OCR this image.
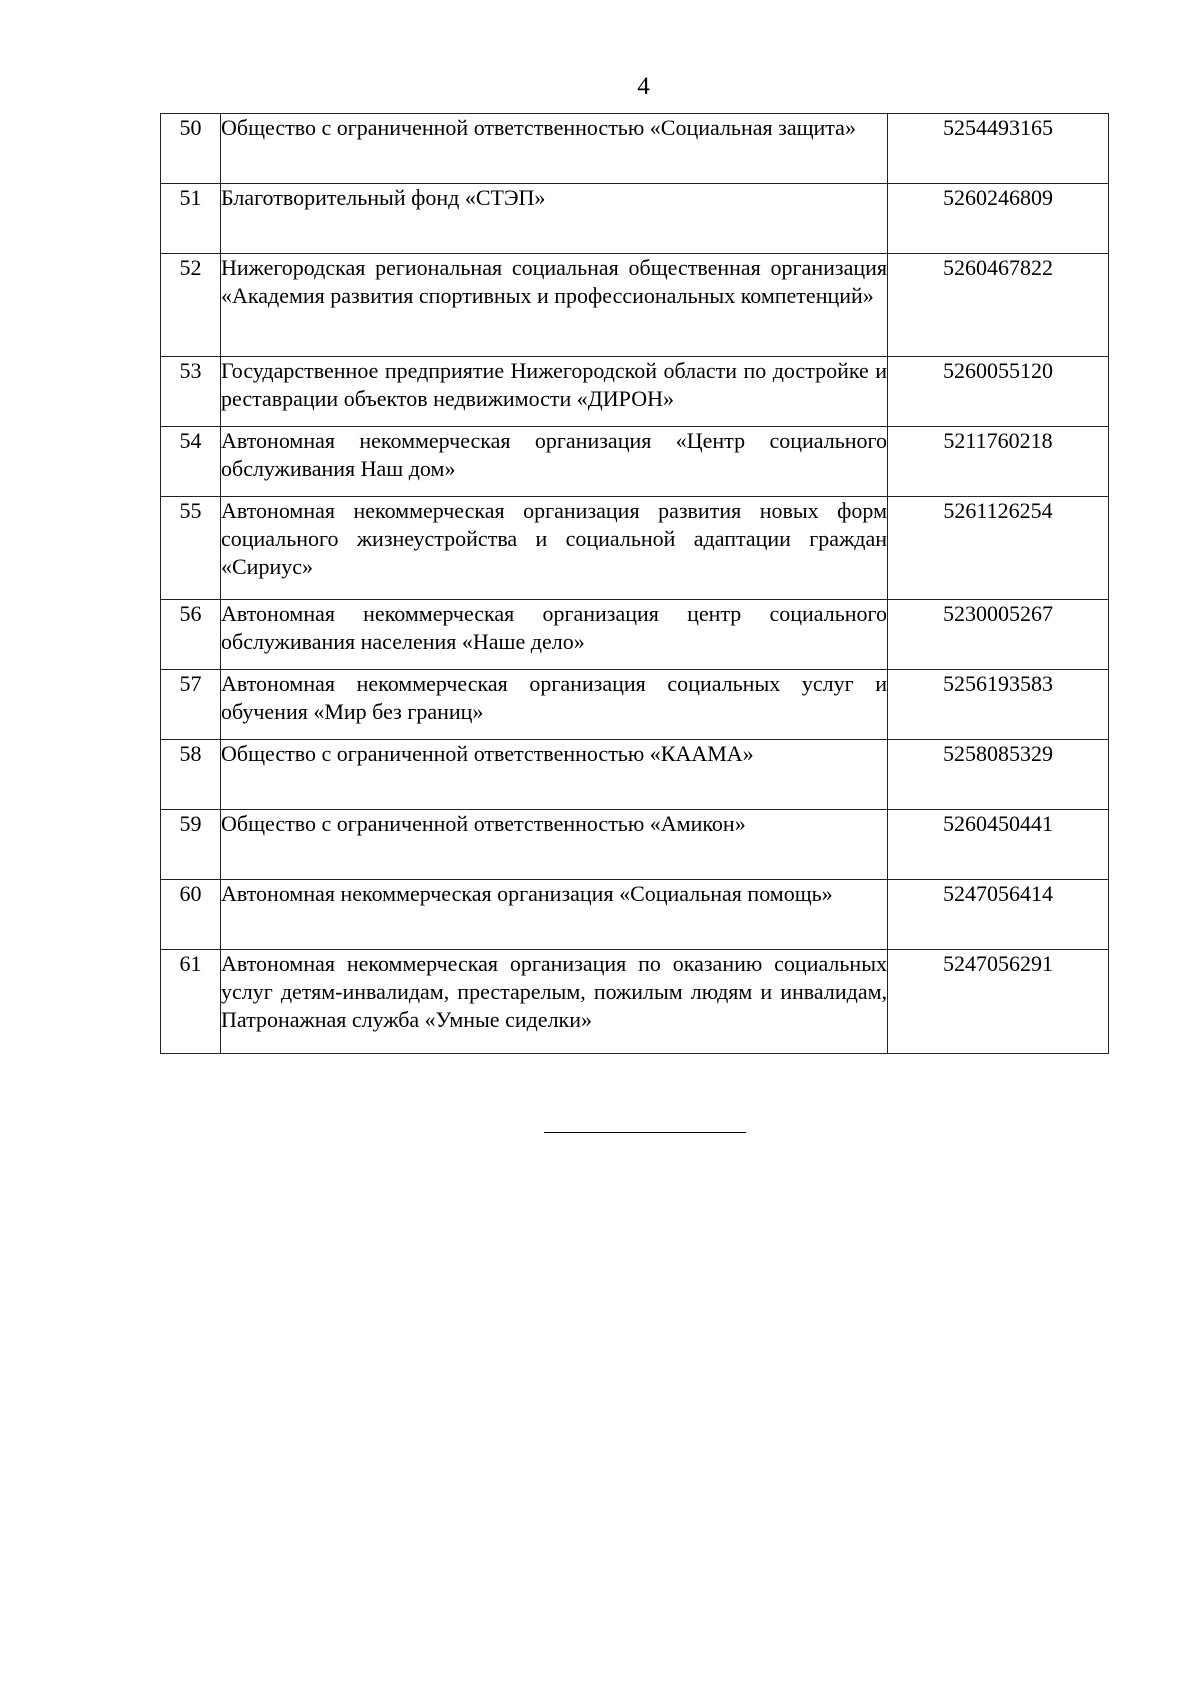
4
50	Общество с ограниченной ответственностью «Социальная защита»	5254493165
51	Благотворительный фонд «СТЭП»	5260246809
52	Нижегородская региональная социальная общественная организация «Академия развития спортивных и профессиональных компетенций»	5260467822
53	Государственное предприятие Нижегородской области по достройке и реставрации объектов недвижимости «ДИРОН»	5260055120
54	Автономная некоммерческая организация «Центр социального обслуживания Наш дом»	5211760218
55	Автономная некоммерческая организация развития новых форм социального жизнеустройства и социальной адаптации граждан «Сириус»	5261126254
56	Автономная некоммерческая организация центр социального обслуживания населения «Наше дело»	5230005267
57	Автономная некоммерческая организация социальных услуг и обучения «Мир без границ»	5256193583
58	Общество с ограниченной ответственностью «КААМА»	5258085329
59	Общество с ограниченной ответственностью «Амикон»	5260450441
60	Автономная некоммерческая организация «Социальная помощь»	5247056414
61	Автономная некоммерческая организация по оказанию социальных услуг детям-инвалидам, престарелым, пожилым людям и инвалидам, Патронажная служба «Умные сиделки»	5247056291
